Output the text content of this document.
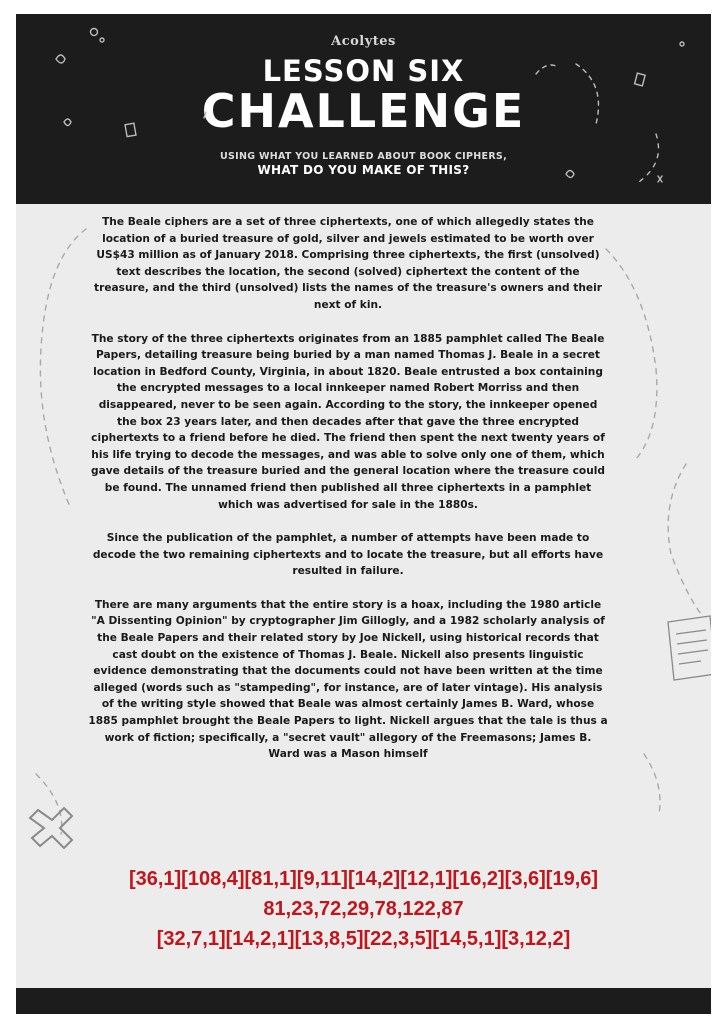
Acolytes
LESSON SIX
CHALLENGE
USING WHAT YOU LEARNED ABOUT BOOK CIPHERS,
WHAT DO YOU MAKE OF THIS?

The Beale ciphers are a set of three ciphertexts, one of which allegedly states the location of a buried treasure of gold, silver and jewels estimated to be worth over US$43 million as of January 2018. Comprising three ciphertexts, the first (unsolved) text describes the location, the second (solved) ciphertext the content of the treasure, and the third (unsolved) lists the names of the treasure's owners and their next of kin.

The story of the three ciphertexts originates from an 1885 pamphlet called The Beale Papers, detailing treasure being buried by a man named Thomas J. Beale in a secret location in Bedford County, Virginia, in about 1820. Beale entrusted a box containing the encrypted messages to a local innkeeper named Robert Morriss and then disappeared, never to be seen again. According to the story, the innkeeper opened the box 23 years later, and then decades after that gave the three encrypted ciphertexts to a friend before he died. The friend then spent the next twenty years of his life trying to decode the messages, and was able to solve only one of them, which gave details of the treasure buried and the general location where the treasure could be found. The unnamed friend then published all three ciphertexts in a pamphlet which was advertised for sale in the 1880s.

Since the publication of the pamphlet, a number of attempts have been made to decode the two remaining ciphertexts and to locate the treasure, but all efforts have resulted in failure.

There are many arguments that the entire story is a hoax, including the 1980 article "A Dissenting Opinion" by cryptographer Jim Gillogly, and a 1982 scholarly analysis of the Beale Papers and their related story by Joe Nickell, using historical records that cast doubt on the existence of Thomas J. Beale. Nickell also presents linguistic evidence demonstrating that the documents could not have been written at the time alleged (words such as "stampeding", for instance, are of later vintage). His analysis of the writing style showed that Beale was almost certainly James B. Ward, whose 1885 pamphlet brought the Beale Papers to light. Nickell argues that the tale is thus a work of fiction; specifically, a "secret vault" allegory of the Freemasons; James B. Ward was a Mason himself

[36,1][108,4][81,1][9,11][14,2][12,1][16,2][3,6][19,6]
81,23,72,29,78,122,87
[32,7,1][14,2,1][13,8,5][22,3,5][14,5,1][3,12,2]
